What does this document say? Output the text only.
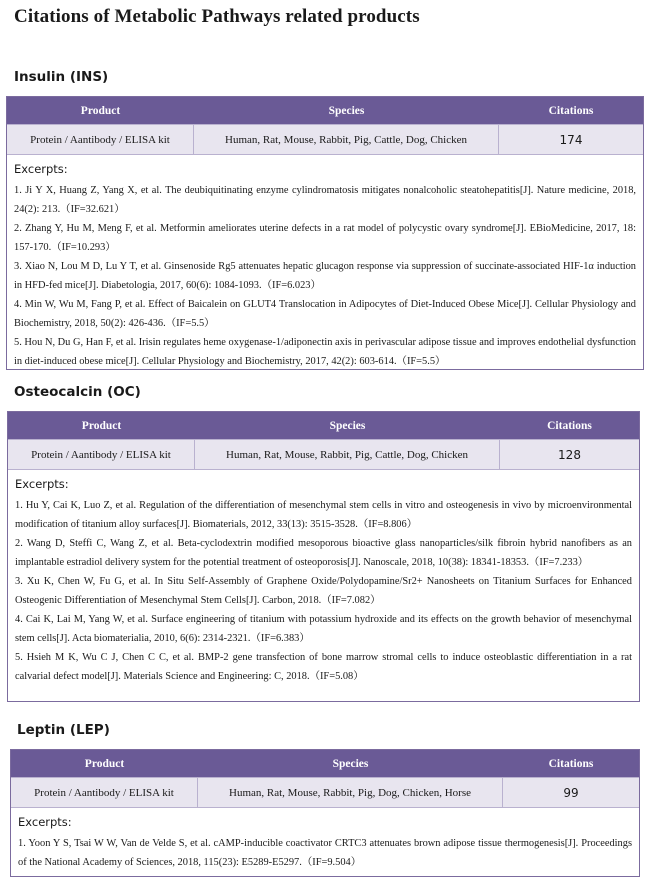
Citations of Metabolic Pathways related products
Insulin (INS)
Product	Species	Citations
Protein / Aantibody / ELISA kit	Human, Rat, Mouse, Rabbit, Pig, Cattle, Dog, Chicken	174
Excerpts:

1. Ji Y X, Huang Z, Yang X, et al. The deubiquitinating enzyme cylindromatosis mitigates nonalcoholic steatohepatitis[J]. Nature medicine, 2018, 24(2): 213.（IF=32.621）

2. Zhang Y, Hu M, Meng F, et al. Metformin ameliorates uterine defects in a rat model of polycystic ovary syndrome[J]. EBioMedicine, 2017, 18: 157-170.（IF=10.293）

3. Xiao N, Lou M D, Lu Y T, et al. Ginsenoside Rg5 attenuates hepatic glucagon response via suppression of succinate-associated HIF-1α induction in HFD-fed mice[J]. Diabetologia, 2017, 60(6): 1084-1093.（IF=6.023）

4. Min W, Wu M, Fang P, et al. Effect of Baicalein on GLUT4 Translocation in Adipocytes of Diet-Induced Obese Mice[J]. Cellular Physiology and Biochemistry, 2018, 50(2): 426-436.（IF=5.5）

5. Hou N, Du G, Han F, et al. Irisin regulates heme oxygenase-1/adiponectin axis in perivascular adipose tissue and improves endothelial dysfunction in diet-induced obese mice[J]. Cellular Physiology and Biochemistry, 2017, 42(2): 603-614.（IF=5.5）

Osteocalcin (OC)
Product	Species	Citations
Protein / Aantibody / ELISA kit	Human, Rat, Mouse, Rabbit, Pig, Cattle, Dog, Chicken	128
Excerpts:

1. Hu Y, Cai K, Luo Z, et al. Regulation of the differentiation of mesenchymal stem cells in vitro and osteogenesis in vivo by microenvironmental modification of titanium alloy surfaces[J]. Biomaterials, 2012, 33(13): 3515-3528.（IF=8.806）

2. Wang D, Steffi C, Wang Z, et al. Beta-cyclodextrin modified mesoporous bioactive glass nanoparticles/silk fibroin hybrid nanofibers as an implantable estradiol delivery system for the potential treatment of osteoporosis[J]. Nanoscale, 2018, 10(38): 18341-18353.（IF=7.233）

3. Xu K, Chen W, Fu G, et al. In Situ Self-Assembly of Graphene Oxide/Polydopamine/Sr2+ Nanosheets on Titanium Surfaces for Enhanced Osteogenic Differentiation of Mesenchymal Stem Cells[J]. Carbon, 2018.（IF=7.082）

4. Cai K, Lai M, Yang W, et al. Surface engineering of titanium with potassium hydroxide and its effects on the growth behavior of mesenchymal stem cells[J]. Acta biomaterialia, 2010, 6(6): 2314-2321.（IF=6.383）

5. Hsieh M K, Wu C J, Chen C C, et al. BMP-2 gene transfection of bone marrow stromal cells to induce osteoblastic differentiation in a rat calvarial defect model[J]. Materials Science and Engineering: C, 2018.（IF=5.08）

Leptin (LEP)
Product	Species	Citations
Protein / Aantibody / ELISA kit	Human, Rat, Mouse, Rabbit, Pig, Dog, Chicken, Horse	99
Excerpts:

1. Yoon Y S, Tsai W W, Van de Velde S, et al. cAMP-inducible coactivator CRTC3 attenuates brown adipose tissue thermogenesis[J]. Proceedings of the National Academy of Sciences, 2018, 115(23): E5289-E5297.（IF=9.504）
